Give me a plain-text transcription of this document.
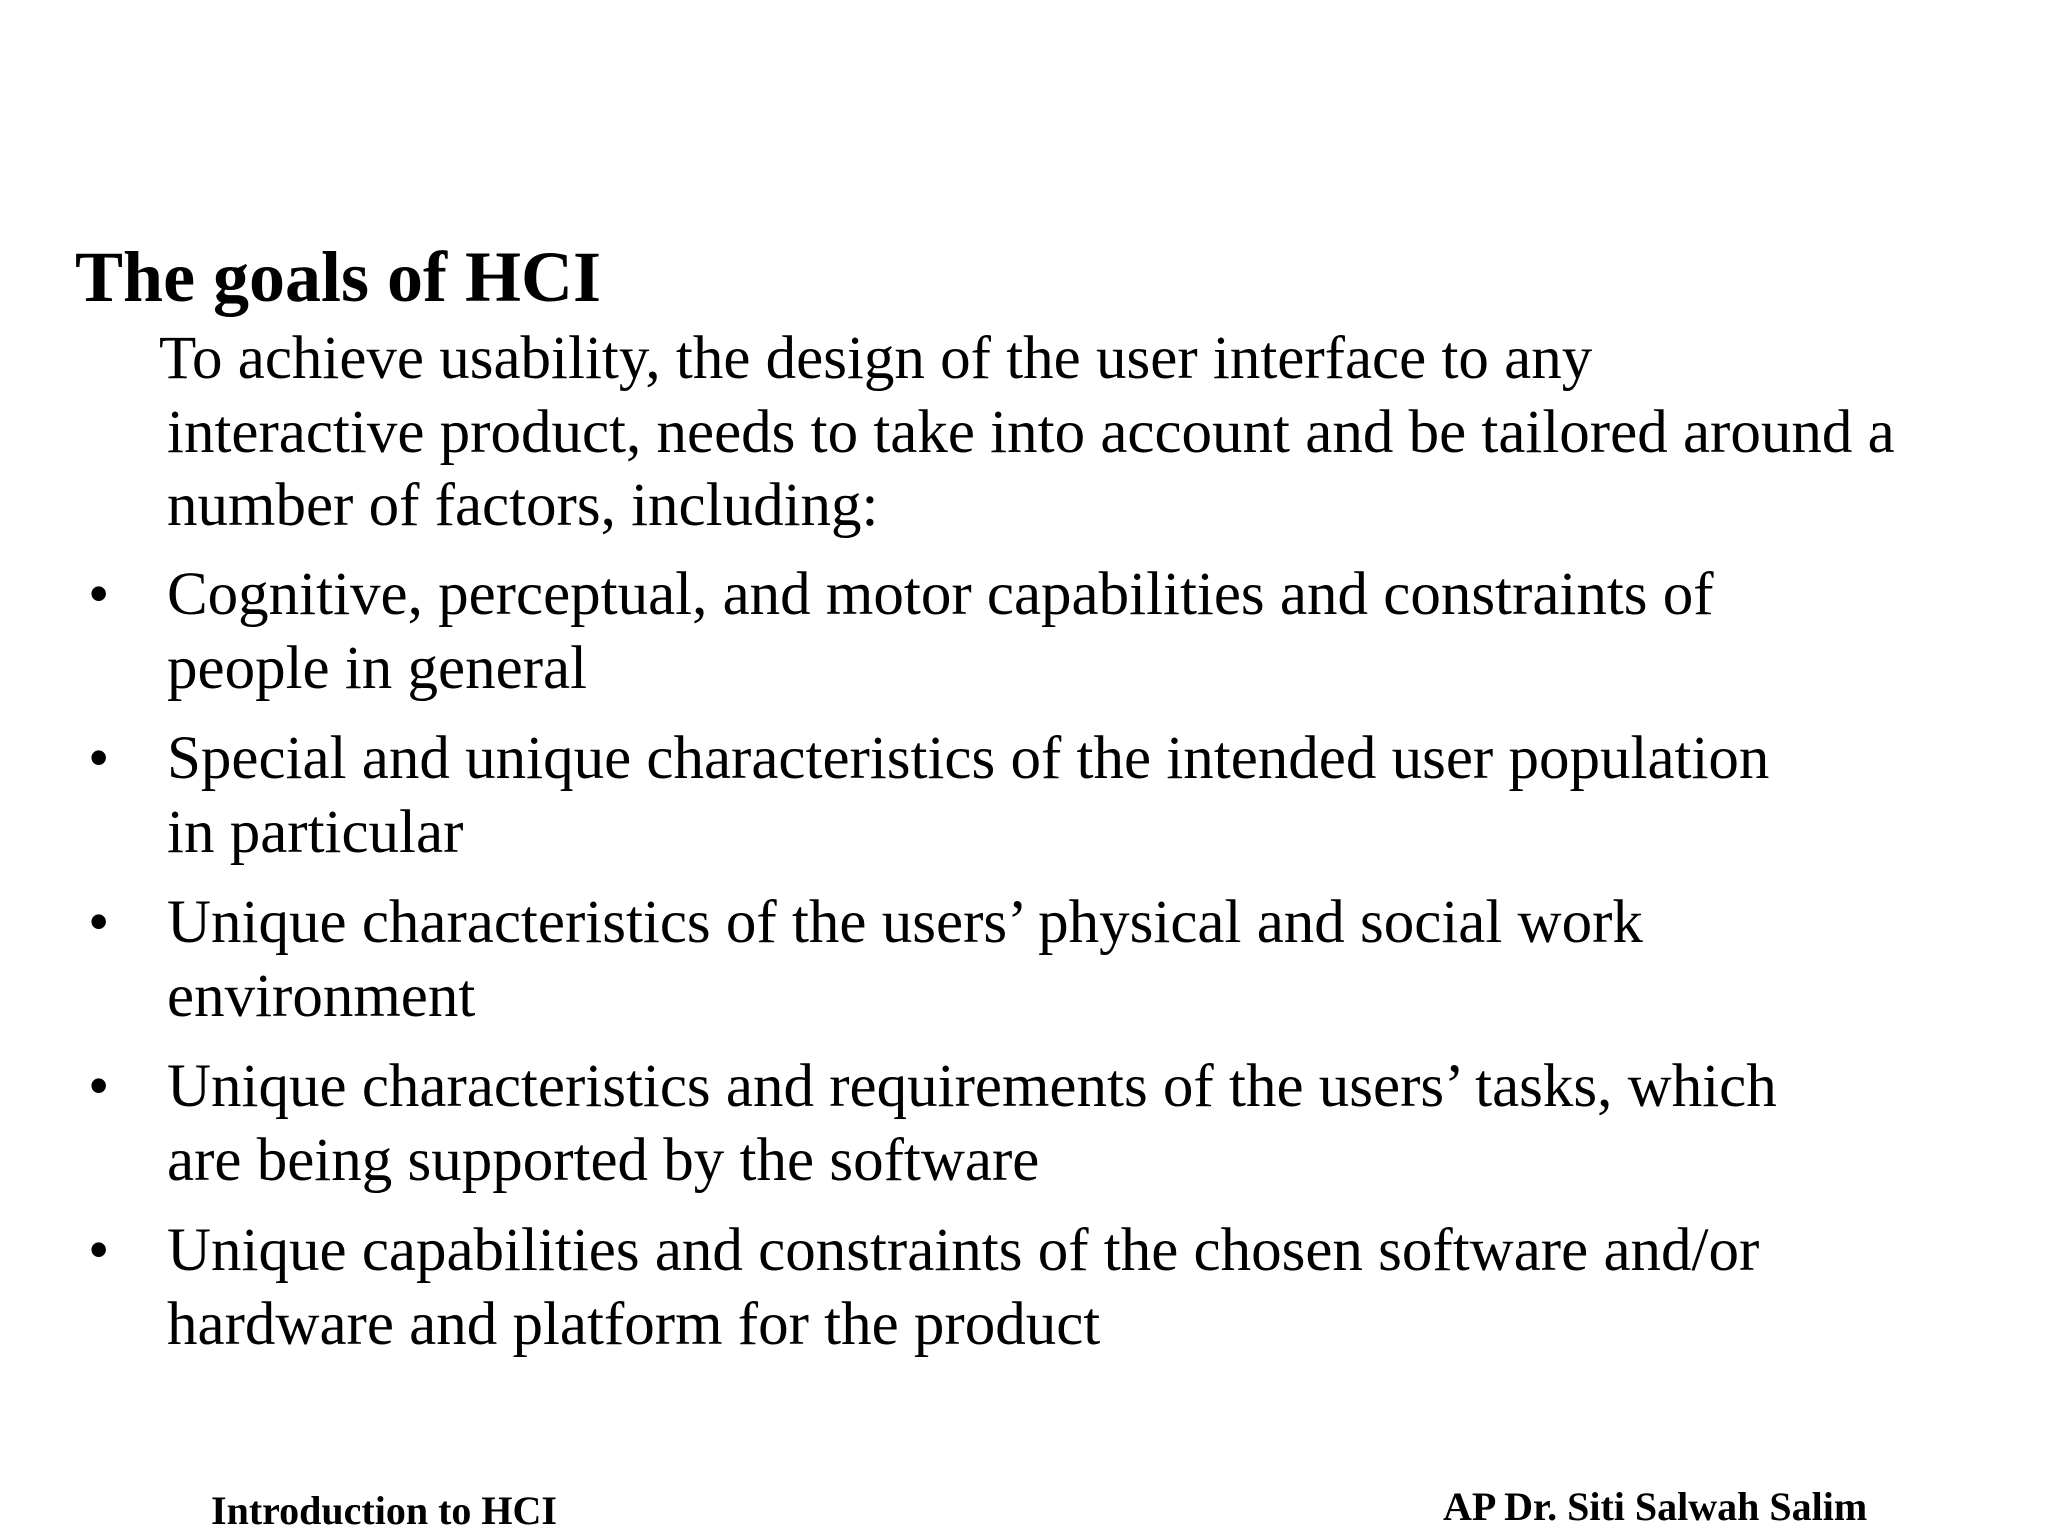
The goals of HCI
To achieve usability, the design of the user interface to any
interactive product, needs to take into account and be tailored around a number of factors, including:
• Cognitive, perceptual, and motor capabilities and constraints of
people in general
• Special and unique characteristics of the intended user population
in particular
• Unique characteristics of the users’ physical and social work
environment
• Unique characteristics and requirements of the users’ tasks, which
are being supported by the software
• Unique capabilities and constraints of the chosen software and/or
hardware and platform for the product
Introduction to HCI	AP Dr. Siti Salwah Salim
